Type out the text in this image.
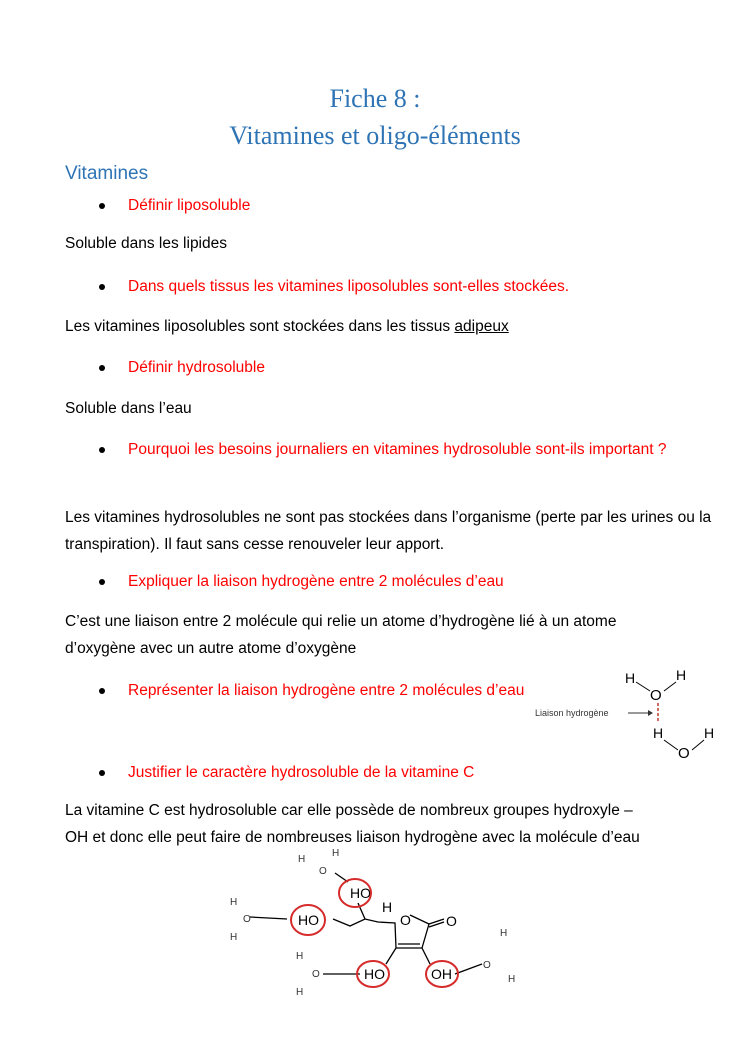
Fiche 8 :
Vitamines et oligo-éléments
Vitamines
Définir liposoluble
Soluble dans les lipides
Dans quels tissus les vitamines liposolubles sont-elles stockées.
Les vitamines liposolubles sont stockées dans les tissus adipeux
Définir hydrosoluble
Soluble dans l’eau
Pourquoi les besoins journaliers en vitamines hydrosoluble sont-ils important ?
Les vitamines hydrosolubles ne sont pas stockées dans l’organisme (perte par les urines ou la transpiration). Il faut sans cesse renouveler leur apport.
Expliquer la liaison hydrogène entre 2 molécules d’eau
C’est une liaison entre 2 molécule qui relie un atome d’hydrogène lié à un atome d’oxygène avec un autre atome d’oxygène
Représenter la liaison hydrogène entre 2 molécules d’eau
Liaison hydrogène
H	H
O
H	H
O
Justifier le caractère hydrosoluble de la vitamine C
La vitamine C est hydrosoluble car elle possède de nombreux groupes hydroxyle –OH et donc elle peut faire de nombreuses liaison hydrogène avec la molécule d’eau
HO
HO
HO	OH
H
O	O
H
H
O
H
O
H
H
O
H
H
O
H
